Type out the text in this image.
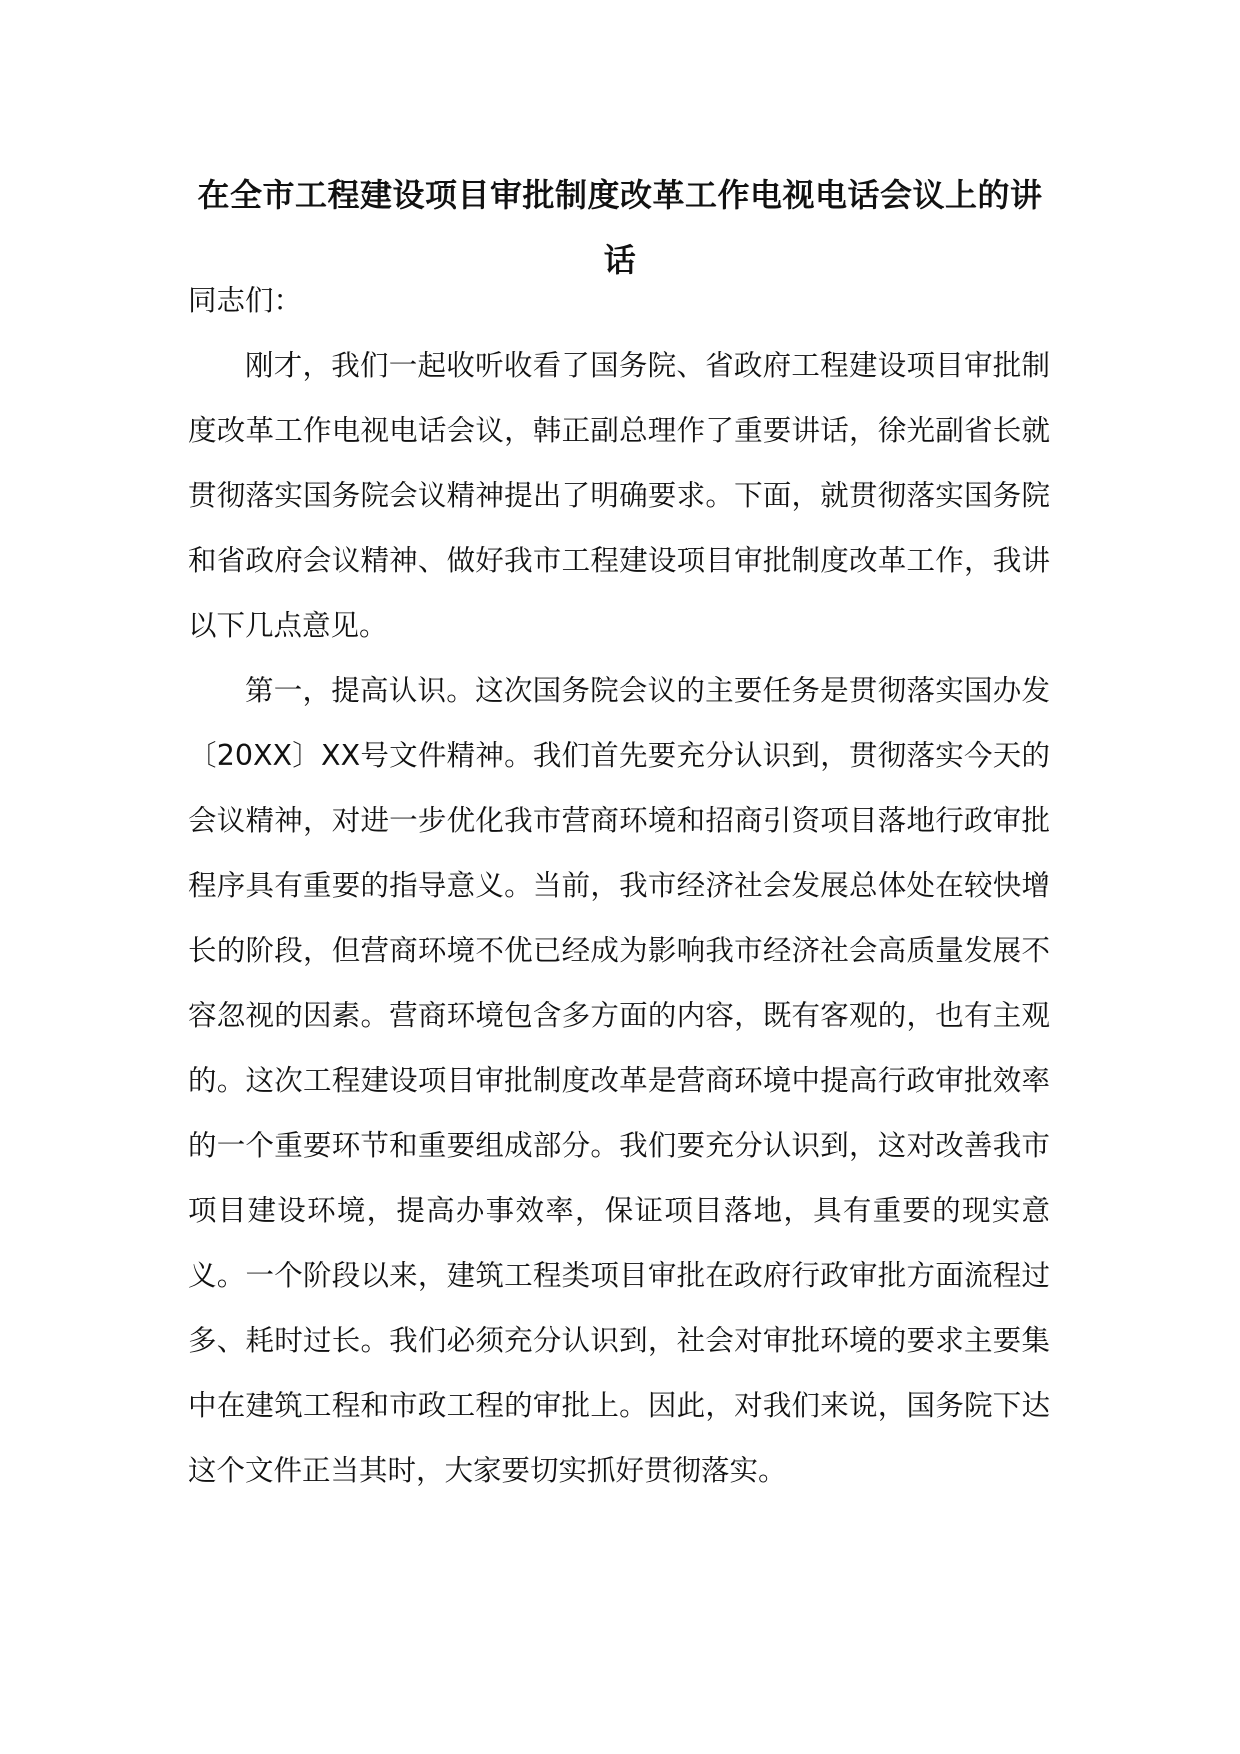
在全市工程建设项目审批制度改革工作电视电话会议上的讲话

同志们：

刚才，我们一起收听收看了国务院、省政府工程建设项目审批制度改革工作电视电话会议，韩正副总理作了重要讲话，徐光副省长就贯彻落实国务院会议精神提出了明确要求。下面，就贯彻落实国务院和省政府会议精神、做好我市工程建设项目审批制度改革工作，我讲以下几点意见。

第一，提高认识。这次国务院会议的主要任务是贯彻落实国办发〔20XX〕XX号文件精神。我们首先要充分认识到，贯彻落实今天的会议精神，对进一步优化我市营商环境和招商引资项目落地行政审批程序具有重要的指导意义。当前，我市经济社会发展总体处在较快增长的阶段，但营商环境不优已经成为影响我市经济社会高质量发展不容忽视的因素。营商环境包含多方面的内容，既有客观的，也有主观的。这次工程建设项目审批制度改革是营商环境中提高行政审批效率的一个重要环节和重要组成部分。我们要充分认识到，这对改善我市项目建设环境，提高办事效率，保证项目落地，具有重要的现实意义。一个阶段以来，建筑工程类项目审批在政府行政审批方面流程过多、耗时过长。我们必须充分认识到，社会对审批环境的要求主要集中在建筑工程和市政工程的审批上。因此，对我们来说，国务院下达这个文件正当其时，大家要切实抓好贯彻落实。
